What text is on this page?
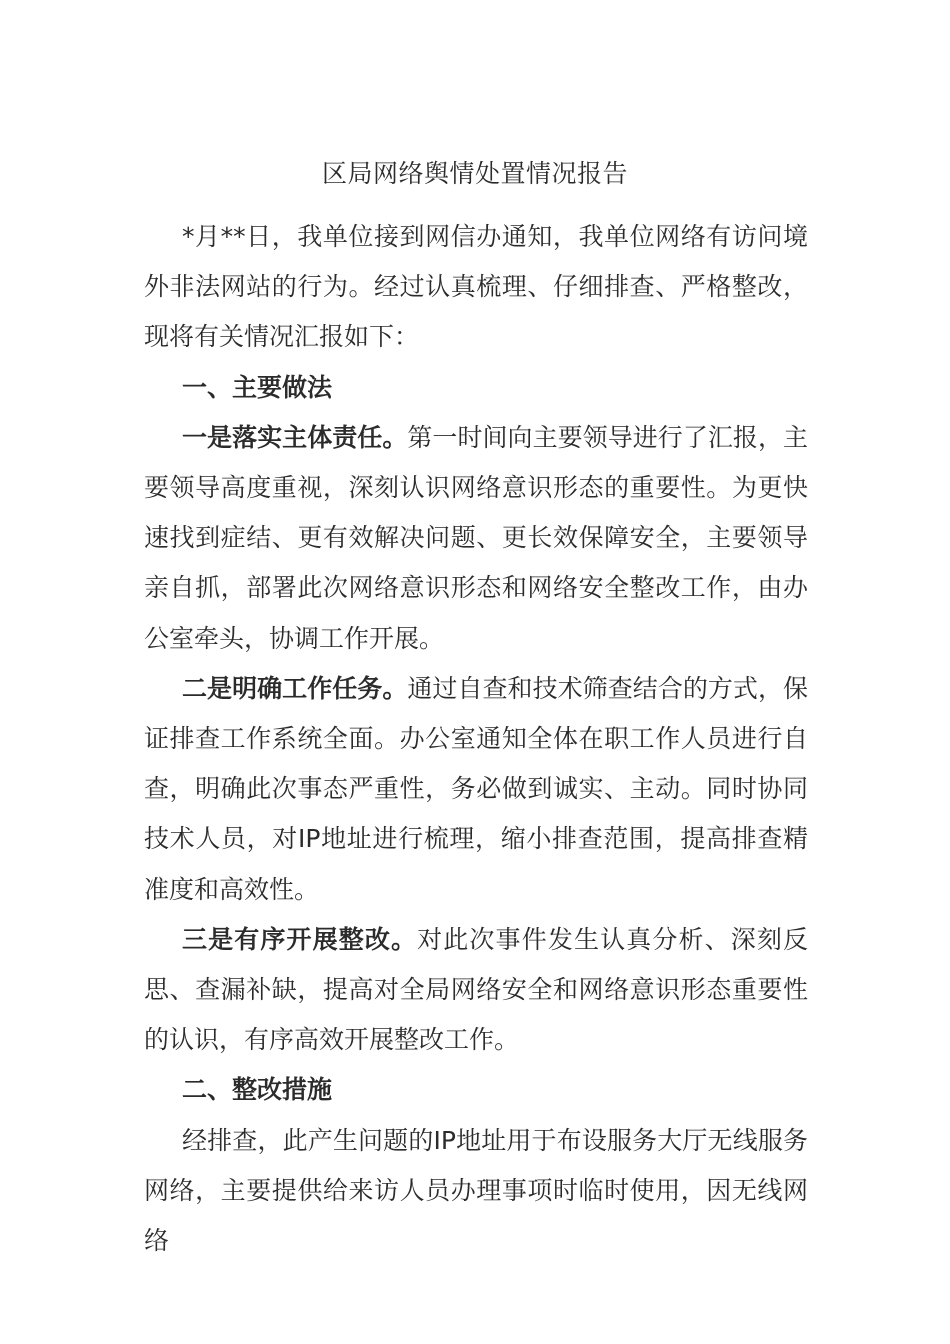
区局网络舆情处置情况报告

*月**日，我单位接到网信办通知，我单位网络有访问境外非法网站的行为。经过认真梳理、仔细排查、严格整改，现将有关情况汇报如下：

一、主要做法

一是落实主体责任。第一时间向主要领导进行了汇报，主要领导高度重视，深刻认识网络意识形态的重要性。为更快速找到症结、更有效解决问题、更长效保障安全，主要领导亲自抓，部署此次网络意识形态和网络安全整改工作，由办公室牵头，协调工作开展。

二是明确工作任务。通过自查和技术筛查结合的方式，保证排查工作系统全面。办公室通知全体在职工作人员进行自查，明确此次事态严重性，务必做到诚实、主动。同时协同技术人员，对IP地址进行梳理，缩小排查范围，提高排查精准度和高效性。

三是有序开展整改。对此次事件发生认真分析、深刻反思、查漏补缺，提高对全局网络安全和网络意识形态重要性的认识，有序高效开展整改工作。

二、整改措施

经排查，此产生问题的IP地址用于布设服务大厅无线服务网络，主要提供给来访人员办理事项时临时使用，因无线网络
